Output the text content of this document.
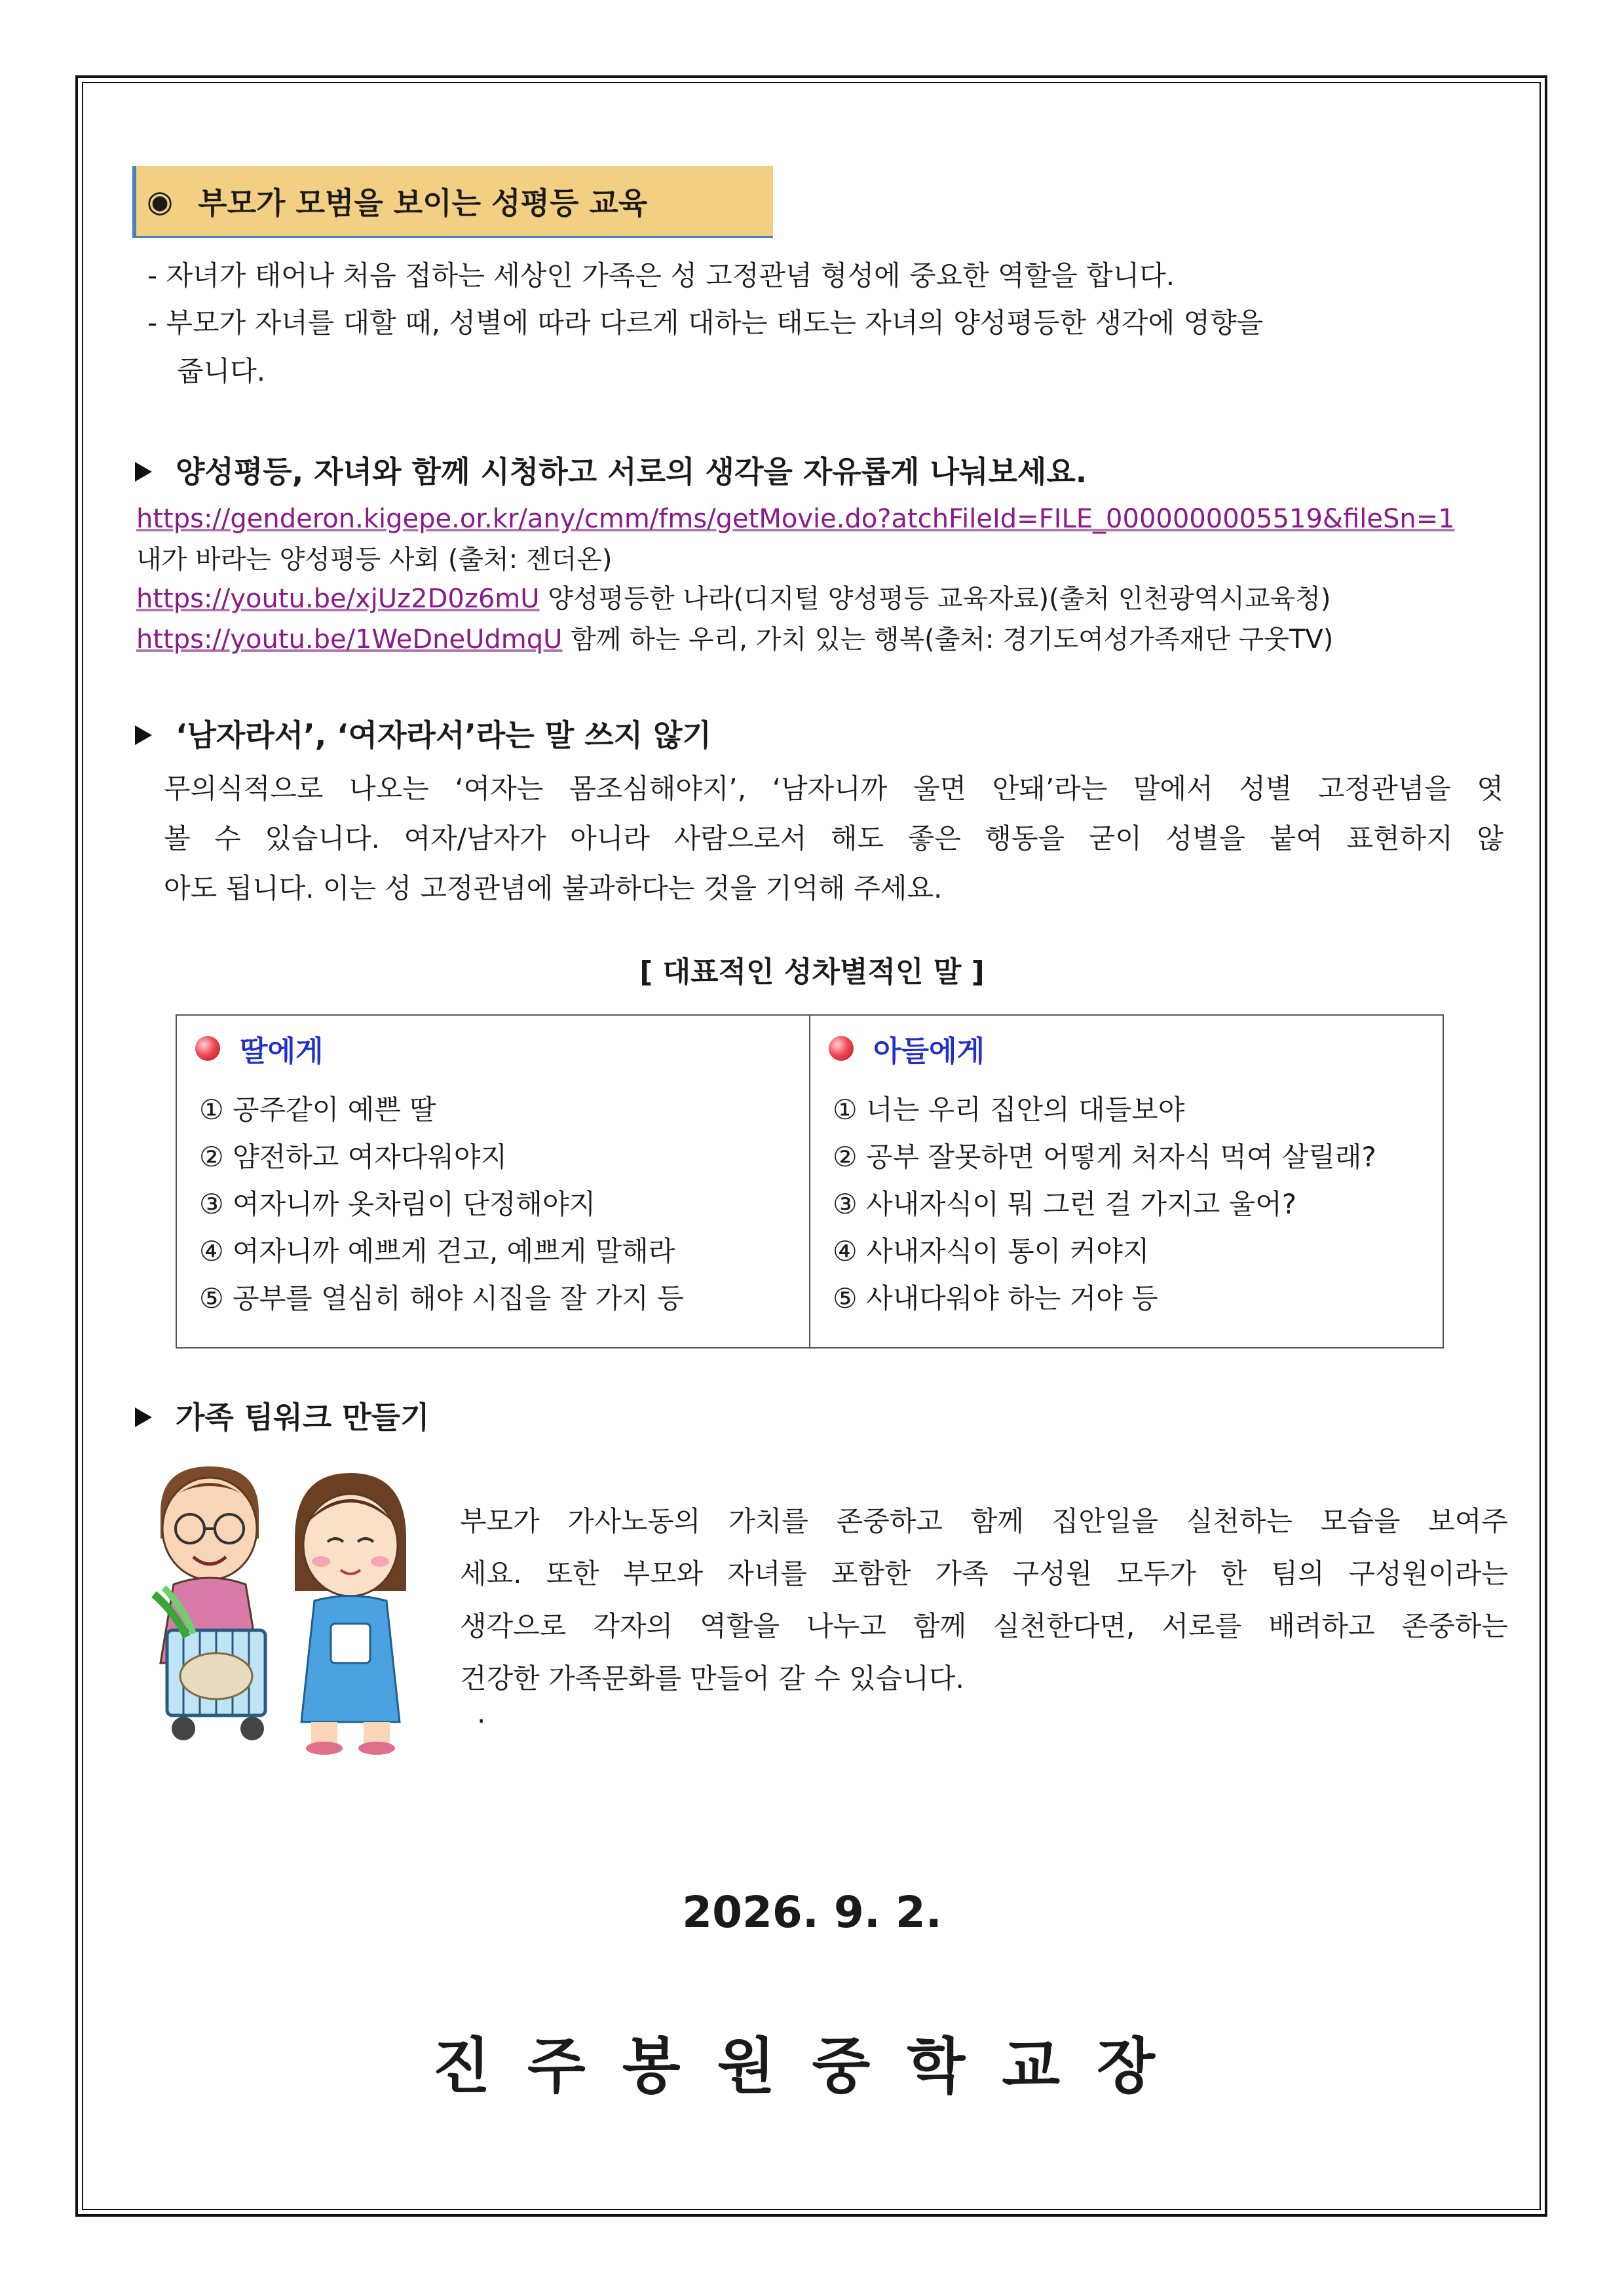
◉ 부모가 모범을 보이는 성평등 교육
- 자녀가 태어나 처음 접하는 세상인 가족은 성 고정관념 형성에 중요한 역할을 합니다.
- 부모가 자녀를 대할 때, 성별에 따라 다르게 대하는 태도는 자녀의 양성평등한 생각에 영향을
줍니다.
양성평등, 자녀와 함께 시청하고 서로의 생각을 자유롭게 나눠보세요.
https://genderon.kigepe.or.kr/any/cmm/fms/getMovie.do?atchFileId=FILE_0000000005519&fileSn=1
내가 바라는 양성평등 사회 (출처: 젠더온)
https://youtu.be/xjUz2D0z6mU 양성평등한 나라(디지털 양성평등 교육자료)(출처 인천광역시교육청)
https://youtu.be/1WeDneUdmqU 함께 하는 우리, 가치 있는 행복(출처: 경기도여성가족재단 구웃TV)
‘남자라서’, ‘여자라서’라는 말 쓰지 않기
무의식적으로 나오는 ‘여자는 몸조심해야지’, ‘남자니까 울면 안돼’라는 말에서 성별 고정관념을 엿
볼 수 있습니다. 여자/남자가 아니라 사람으로서 해도 좋은 행동을 굳이 성별을 붙여 표현하지 않
아도 됩니다. 이는 성 고정관념에 불과하다는 것을 기억해 주세요.
[ 대표적인 성차별적인 말 ]
딸에게
① 공주같이 예쁜 딸
② 얌전하고 여자다워야지
③ 여자니까 옷차림이 단정해야지
④ 여자니까 예쁘게 걷고, 예쁘게 말해라
⑤ 공부를 열심히 해야 시집을 잘 가지 등

아들에게
① 너는 우리 집안의 대들보야
② 공부 잘못하면 어떻게 처자식 먹여 살릴래?
③ 사내자식이 뭐 그런 걸 가지고 울어?
④ 사내자식이 통이 커야지
⑤ 사내다워야 하는 거야 등
가족 팀워크 만들기
부모가 가사노동의 가치를 존중하고 함께 집안일을 실천하는 모습을 보여주
세요. 또한 부모와 자녀를 포함한 가족 구성원 모두가 한 팀의 구성원이라는
생각으로 각자의 역할을 나누고 함께 실천한다면, 서로를 배려하고 존중하는
건강한 가족문화를 만들어 갈 수 있습니다.
.
2026. 9. 2.
진주봉원중학교장
